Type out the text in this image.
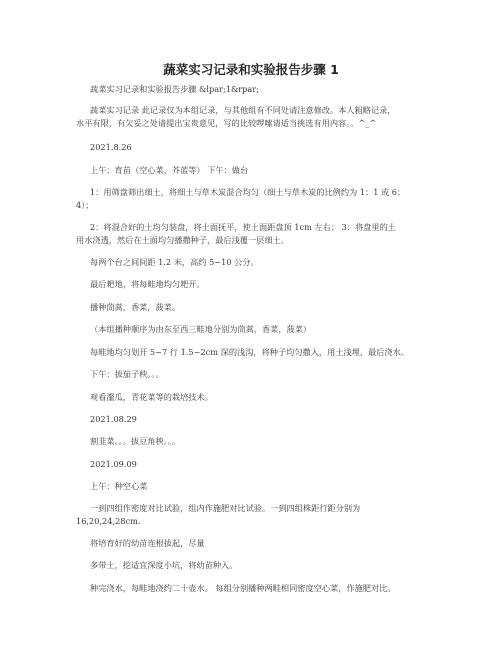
蔬菜实习记录和实验报告步骤 1
蔬菜实习记录和实验报告步骤 &lpar;1&rpar;
蔬菜实习记录 此记录仅为本组记录，与其他组有不同处请注意修改。本人粗略记录，
水平有限，有欠妥之处请提出宝贵意见，写的比较啰嗦请适当挑选有用内容。。^_^
2021.8.26
上午：育苗（空心菜，芥蓝等） 下午：做台
1：用筛盘筛出细土，将细土与草木炭混合均匀（细土与草木炭的比例约为 1：1 或 6：
4）；
2：将混合好的土均匀装盘，将土面抚平，使土面距盘顶 1cm 左右； 3：将盘里的土
用水浇透，然后在土面均匀播撒种子，最后浅覆一层细土。
每两个台之间间距 1.2 米，高约 5~10 公分。
最后耙地，将每畦地均匀耙开。
播种茼蒿，香菜，菠菜。
（本组播种顺序为由东至西三畦地分别为茼蒿，香菜，菠菜）
每畦地均匀划开 5~7 行 1.5~2cm 深的浅沟，将种子均匀撒入，用土浅埋，最后浇水。
下午：拔茄子秧。。。
观看瀣瓜，青花菜等的栽培技术。
2021.08.29
割韭菜。。。拔豆角秧。。。
2021.09.09
上午：种空心菜
一到四组作密度对比试验，组内作施肥对比试验。一到四组株距行距分别为
16,20,24,28cm.
将培育好的幼苗连根拔起，尽量
多带土，挖适宜深度小坑，将幼苗种入。
种完浇水，每畦地浇约二十壶水。 每组分别播种两畦相同密度空心菜，作施肥对比。
